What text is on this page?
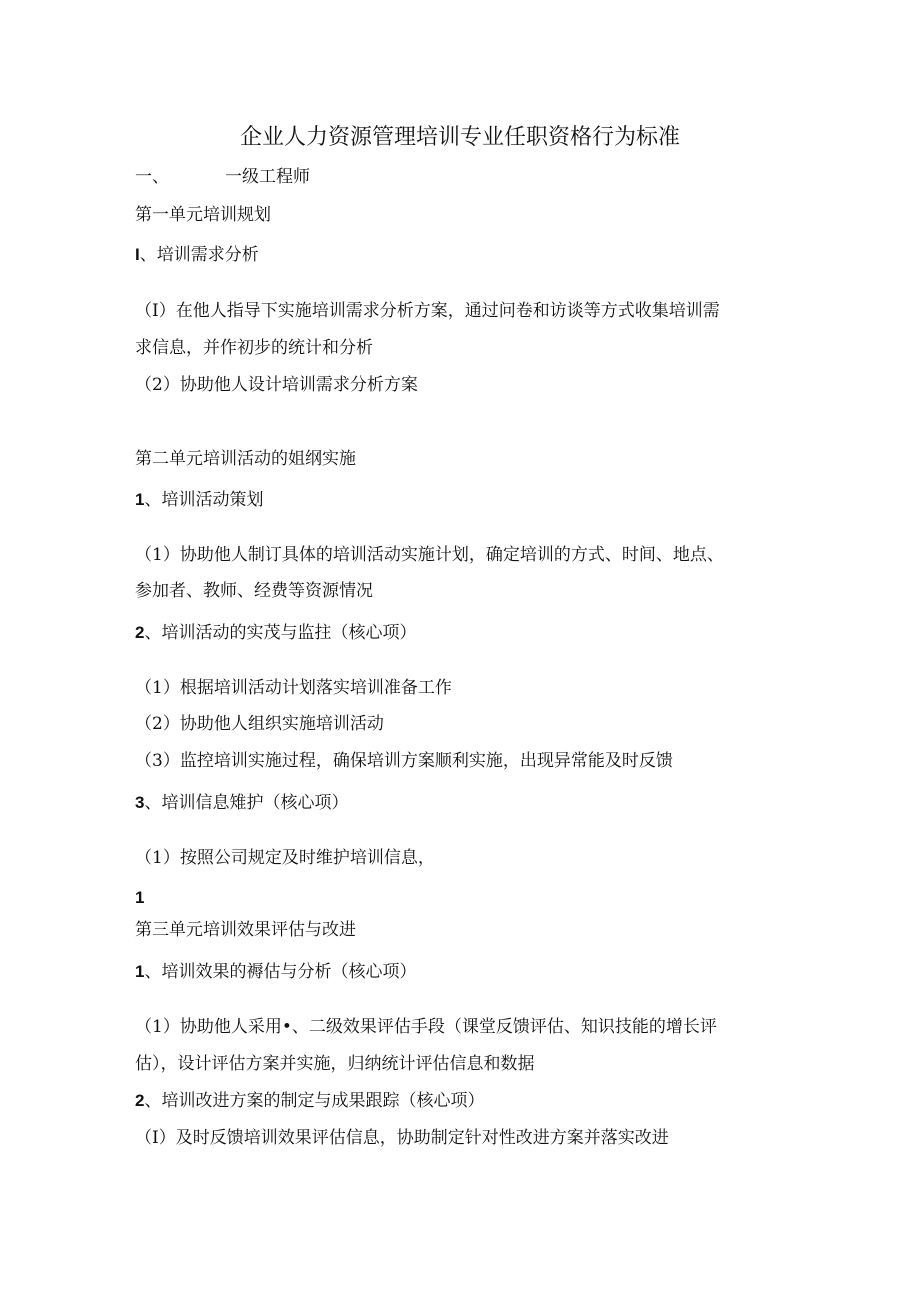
企业人力资源管理培训专业任职资格行为标准

一、	一级工程师

第一单元培训规划

I、培训需求分析

（I）在他人指导下实施培训需求分析方案，通过问卷和访谈等方式收集培训需

求信息，并作初步的统计和分析

（2）协助他人设计培训需求分析方案

第二单元培训活动的姐纲实施

1、培训活动策划

（1）协助他人制订具体的培训活动实施计划，确定培训的方式、时间、地点、

参加者、教师、经费等资源情况

2、培训活动的实茂与监拄（核心项）

（1）根据培训活动计划落实培训准备工作

（2）协助他人组织实施培训活动

（3）监控培训实施过程，确保培训方案顺利实施，出现异常能及时反馈

3、培训信息雉护（核心项）

（1）按照公司规定及时维护培训信息，

1

第三单元培训效果评估与改进

1、培训效果的褥估与分析（核心项）

（1）协助他人采用•、二级效果评估手段（课堂反馈评估、知识技能的增长评

估），设计评估方案并实施，归纳统计评估信息和数据

2、培训改进方案的制定与成果跟踪（核心项）

（I）及时反馈培训效果评估信息，协助制定针对性改进方案并落实改进
